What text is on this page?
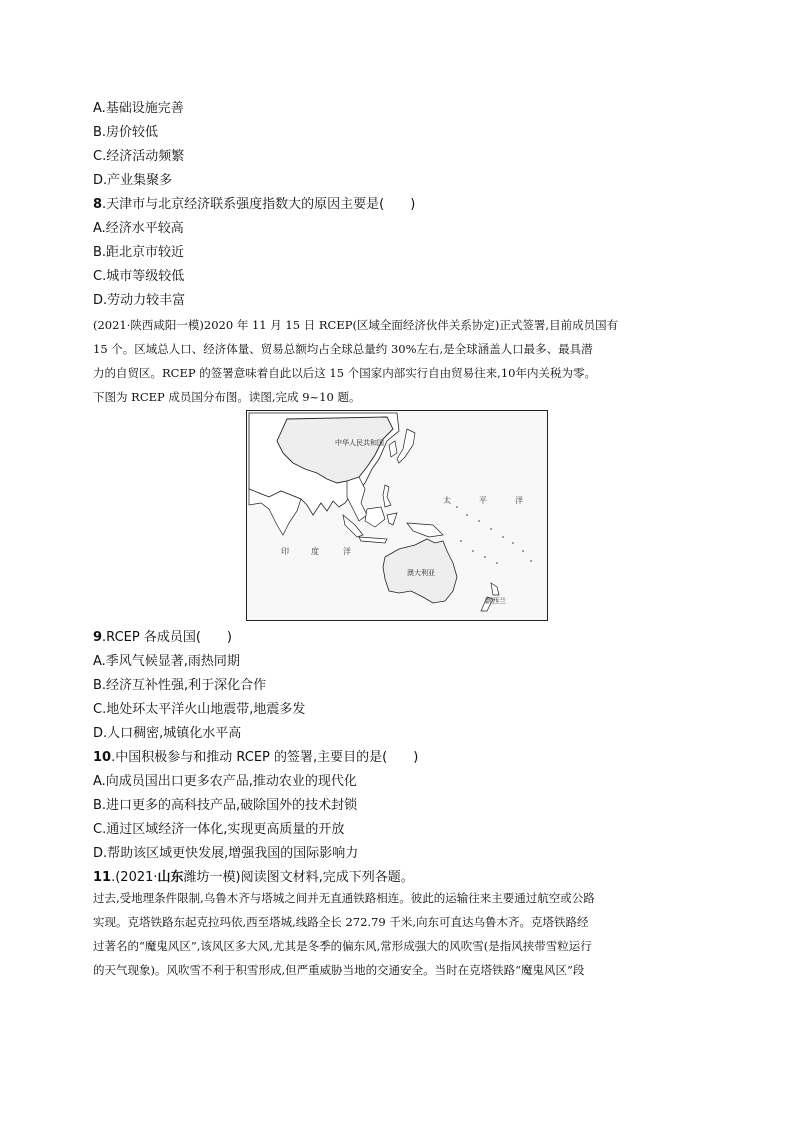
A.基础设施完善
B.房价较低
C.经济活动频繁
D.产业集聚多
8.天津市与北京经济联系强度指数大的原因主要是(　　)
A.经济水平较高
B.距北京市较近
C.城市等级较低
D.劳动力较丰富
(2021·陕西咸阳一模)2020 年 11 月 15 日 RCEP(区域全面经济伙伴关系协定)正式签署,目前成员国有
15 个。区域总人口、经济体量、贸易总额均占全球总量约 30%左右,是全球涵盖人口最多、最具潜
力的自贸区。RCEP 的签署意味着自此以后这 15 个国家内部实行自由贸易往来,10年内关税为零。
下图为 RCEP 成员国分布图。读图,完成 9~10 题。
中华人民共和国
澳大利亚
新西兰
太	平	洋
印	度	洋
9.RCEP 各成员国(　　)
A.季风气候显著,雨热同期
B.经济互补性强,利于深化合作
C.地处环太平洋火山地震带,地震多发
D.人口稠密,城镇化水平高
10.中国积极参与和推动 RCEP 的签署,主要目的是(　　)
A.向成员国出口更多农产品,推动农业的现代化
B.进口更多的高科技产品,破除国外的技术封锁
C.通过区域经济一体化,实现更高质量的开放
D.帮助该区域更快发展,增强我国的国际影响力
11.(2021·山东潍坊一模)阅读图文材料,完成下列各题。
过去,受地理条件限制,乌鲁木齐与塔城之间并无直通铁路相连。彼此的运输往来主要通过航空或公路
实现。克塔铁路东起克拉玛依,西至塔城,线路全长 272.79 千米,向东可直达乌鲁木齐。克塔铁路经
过著名的“魔鬼风区”,该风区多大风,尤其是冬季的偏东风,常形成强大的风吹雪(是指风挟带雪粒运行
的天气现象)。风吹雪不利于积雪形成,但严重威胁当地的交通安全。当时在克塔铁路“魔鬼风区”段
